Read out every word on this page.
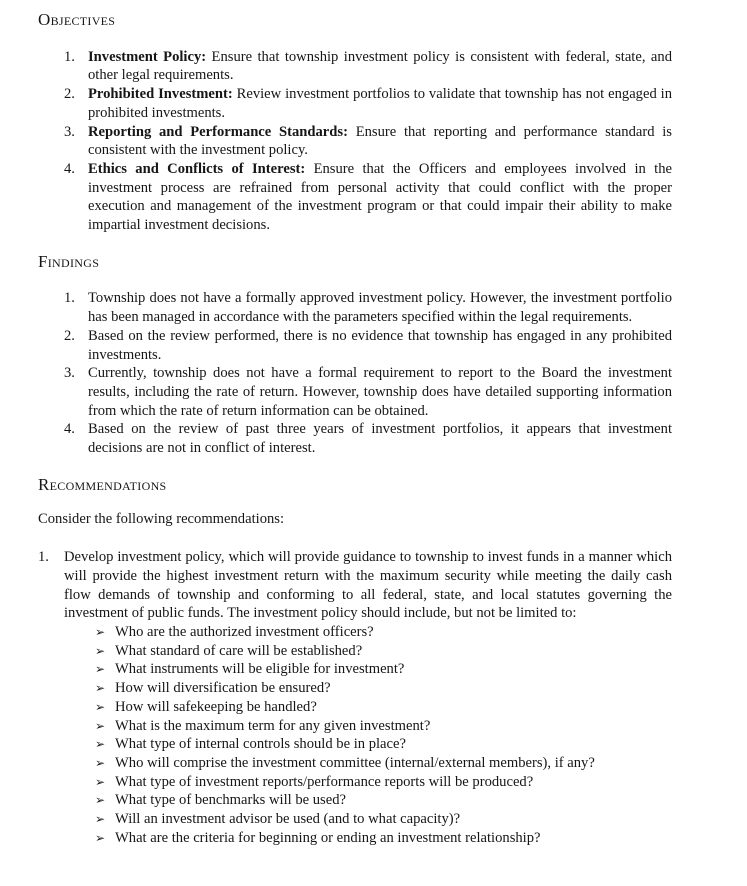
Objectives
1. Investment Policy: Ensure that township investment policy is consistent with federal, state, and other legal requirements.
2. Prohibited Investment: Review investment portfolios to validate that township has not engaged in prohibited investments.
3. Reporting and Performance Standards: Ensure that reporting and performance standard is consistent with the investment policy.
4. Ethics and Conflicts of Interest: Ensure that the Officers and employees involved in the investment process are refrained from personal activity that could conflict with the proper execution and management of the investment program or that could impair their ability to make impartial investment decisions.
Findings
1. Township does not have a formally approved investment policy. However, the investment portfolio has been managed in accordance with the parameters specified within the legal requirements.
2. Based on the review performed, there is no evidence that township has engaged in any prohibited investments.
3. Currently, township does not have a formal requirement to report to the Board the investment results, including the rate of return. However, township does have detailed supporting information from which the rate of return information can be obtained.
4. Based on the review of past three years of investment portfolios, it appears that investment decisions are not in conflict of interest.
Recommendations

Consider the following recommendations:

1. Develop investment policy, which will provide guidance to township to invest funds in a manner which will provide the highest investment return with the maximum security while meeting the daily cash flow demands of township and conforming to all federal, state, and local statutes governing the investment of public funds. The investment policy should include, but not be limited to:
➢ Who are the authorized investment officers?
➢ What standard of care will be established?
➢ What instruments will be eligible for investment?
➢ How will diversification be ensured?
➢ How will safekeeping be handled?
➢ What is the maximum term for any given investment?
➢ What type of internal controls should be in place?
➢ Who will comprise the investment committee (internal/external members), if any?
➢ What type of investment reports/performance reports will be produced?
➢ What type of benchmarks will be used?
➢ Will an investment advisor be used (and to what capacity)?
➢ What are the criteria for beginning or ending an investment relationship?
